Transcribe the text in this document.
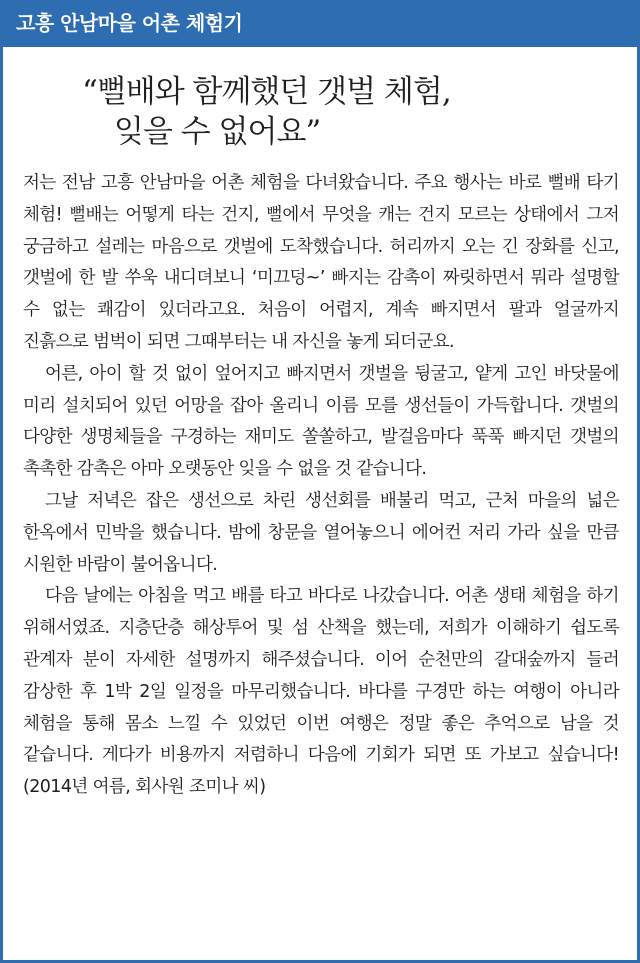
고흥 안남마을 어촌 체험기
“뻘배와 함께했던 갯벌 체험,
잊을 수 없어요”

저는 전남 고흥 안남마을 어촌 체험을 다녀왔습니다. 주요 행사는 바로 뻘배 타기 체험! 뻘배는 어떻게 타는 건지, 뻘에서 무엇을 캐는 건지 모르는 상태에서 그저 궁금하고 설레는 마음으로 갯벌에 도착했습니다. 허리까지 오는 긴 장화를 신고, 갯벌에 한 발 쑤욱 내디뎌보니 ‘미끄덩~’ 빠지는 감촉이 짜릿하면서 뭐라 설명할 수 없는 쾌감이 있더라고요. 처음이 어렵지, 계속 빠지면서 팔과 얼굴까지 진흙으로 범벅이 되면 그때부터는 내 자신을 놓게 되더군요.

어른, 아이 할 것 없이 엎어지고 빠지면서 갯벌을 뒹굴고, 얕게 고인 바닷물에 미리 설치되어 있던 어망을 잡아 올리니 이름 모를 생선들이 가득합니다. 갯벌의 다양한 생명체들을 구경하는 재미도 쏠쏠하고, 발걸음마다 푹푹 빠지던 갯벌의 촉촉한 감촉은 아마 오랫동안 잊을 수 없을 것 같습니다.

그날 저녁은 잡은 생선으로 차린 생선회를 배불리 먹고, 근처 마을의 넓은 한옥에서 민박을 했습니다. 밤에 창문을 열어놓으니 에어컨 저리 가라 싶을 만큼 시원한 바람이 불어옵니다.

다음 날에는 아침을 먹고 배를 타고 바다로 나갔습니다. 어촌 생태 체험을 하기 위해서였죠. 지층단층 해상투어 및 섬 산책을 했는데, 저희가 이해하기 쉽도록 관계자 분이 자세한 설명까지 해주셨습니다. 이어 순천만의 갈대숲까지 들러 감상한 후 1박 2일 일정을 마무리했습니다. 바다를 구경만 하는 여행이 아니라 체험을 통해 몸소 느낄 수 있었던 이번 여행은 정말 좋은 추억으로 남을 것 같습니다. 게다가 비용까지 저렴하니 다음에 기회가 되면 또 가보고 싶습니다! (2014년 여름, 회사원 조미나 씨)
